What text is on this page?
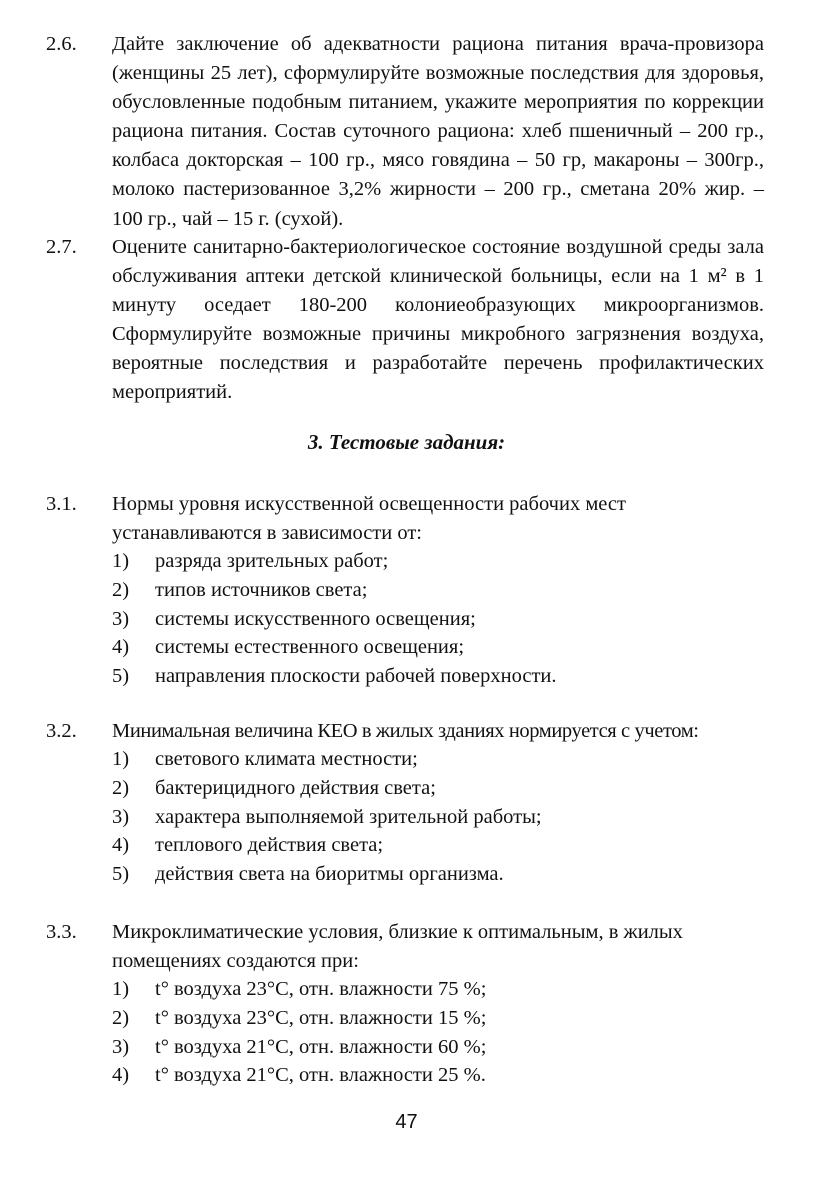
2.6. Дайте заключение об адекватности рациона питания врача-провизора (женщины 25 лет), сформулируйте возможные последствия для здоровья, обусловленные подобным питанием, укажите мероприятия по коррекции рациона питания. Состав суточного рациона: хлеб пшеничный – 200 гр., колбаса докторская – 100 гр., мясо говядина – 50 гр, макароны – 300гр., молоко пастеризованное 3,2% жирности – 200 гр., сметана 20% жир. – 100 гр., чай – 15 г. (сухой).
2.7. Оцените санитарно-бактериологическое состояние воздушной среды зала обслуживания аптеки детской клинической больницы, если на 1 м² в 1 минуту оседает 180-200 колониеобразующих микроорганизмов. Сформулируйте возможные причины микробного загрязнения воздуха, вероятные последствия и разработайте перечень профилактических мероприятий.
3. Тестовые задания:
3.1. Нормы уровня искусственной освещенности рабочих мест устанавливаются в зависимости от:
1)	разряда зрительных работ;
2)	типов источников света;
3)	системы искусственного освещения;
4)	системы естественного освещения;
5)	направления плоскости рабочей поверхности.
3.2. Минимальная величина КЕО в жилых зданиях нормируется с учетом:
1)	светового климата местности;
2)	бактерицидного действия света;
3)	характера выполняемой зрительной работы;
4)	теплового действия света;
5)	действия света на биоритмы организма.
3.3. Микроклиматические условия, близкие к оптимальным, в жилых помещениях создаются при:
1)	t° воздуха 23°С, отн. влажности 75 %;
2)	t° воздуха 23°С, отн. влажности 15 %;
3)	t° воздуха 21°С, отн. влажности 60 %;
4)	t° воздуха 21°С, отн. влажности 25 %.
47
